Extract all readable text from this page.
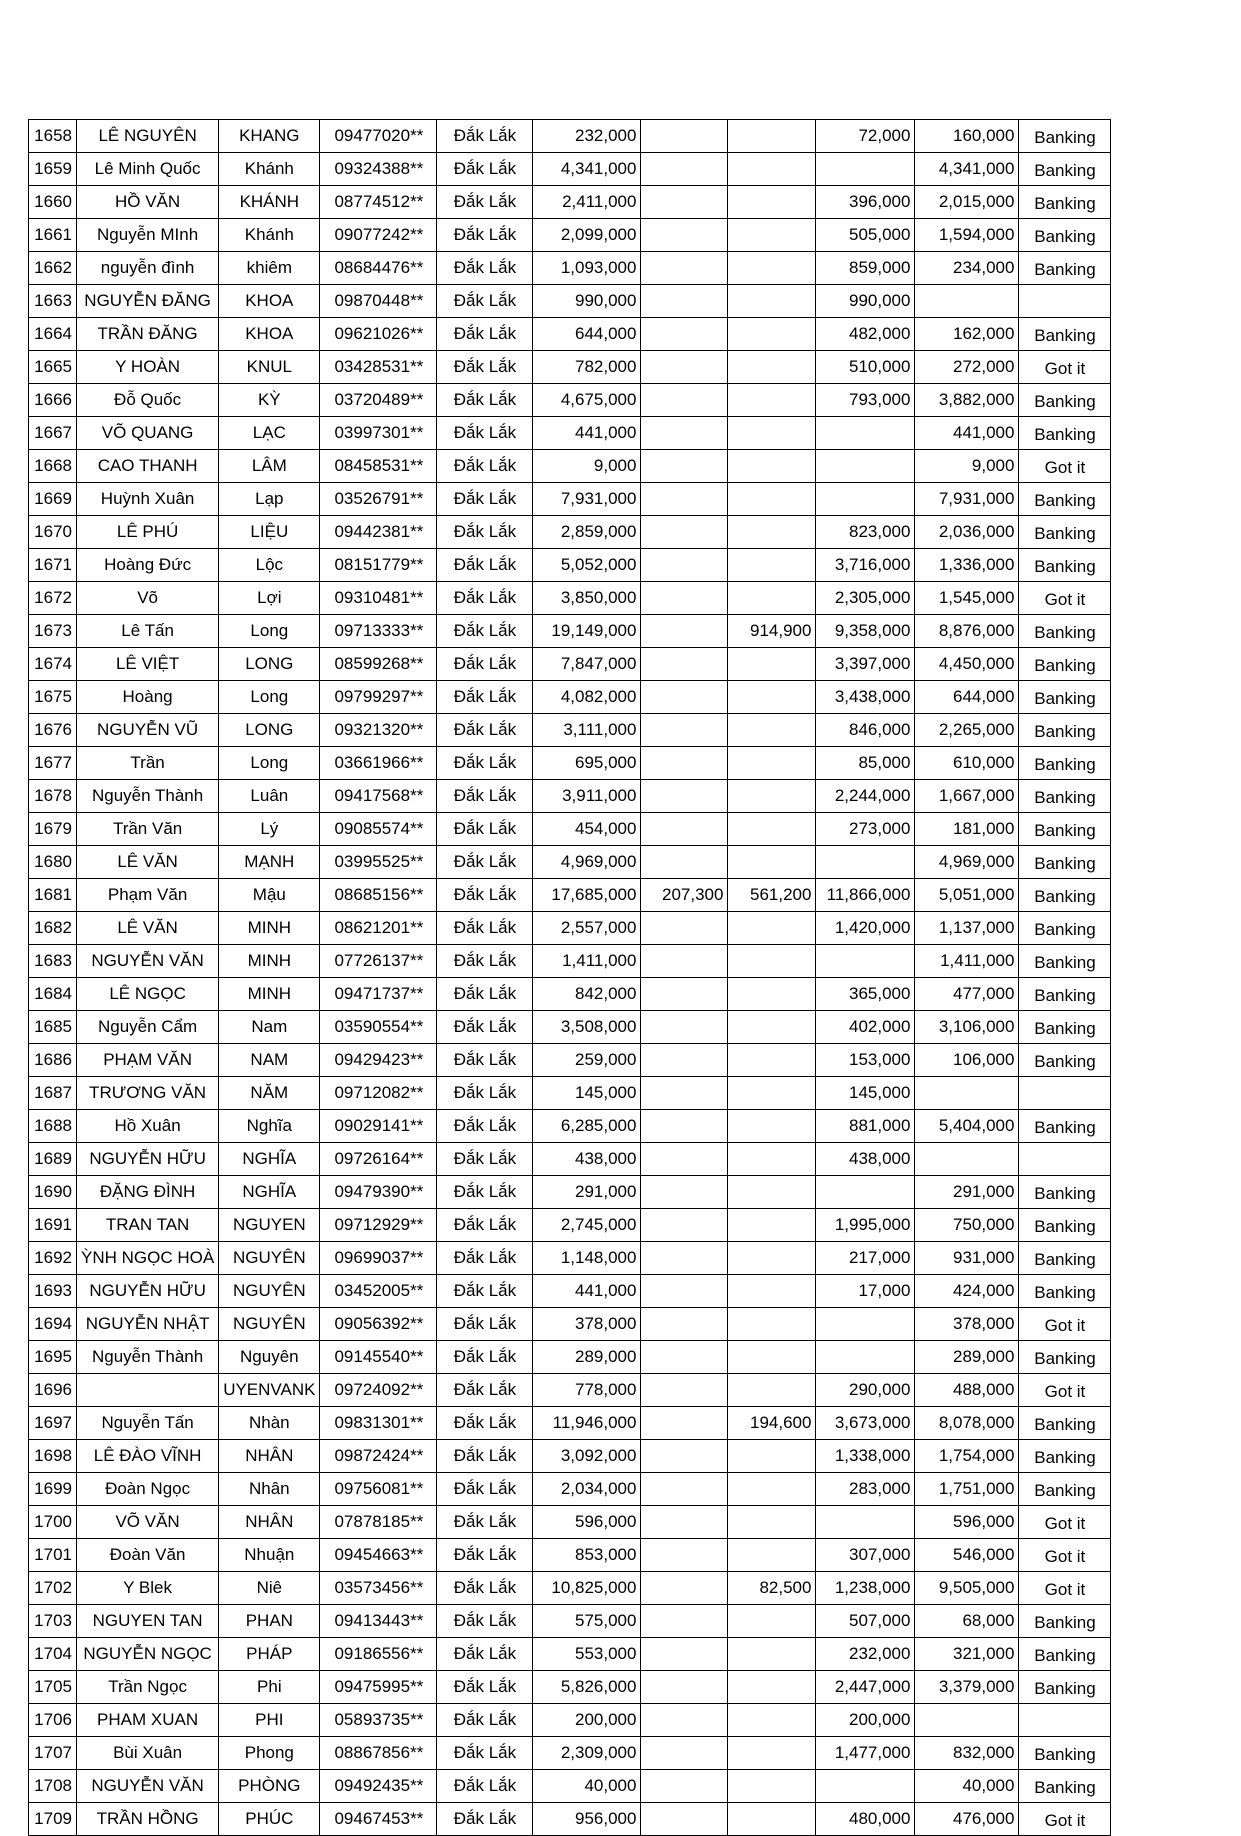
1658	LÊ NGUYÊN	KHANG	09477020**	Đắk Lắk	232,000			72,000	160,000	Banking
1659	Lê Minh Quốc	Khánh	09324388**	Đắk Lắk	4,341,000				4,341,000	Banking
1660	HỒ VĂN	KHÁNH	08774512**	Đắk Lắk	2,411,000			396,000	2,015,000	Banking
1661	Nguyễn MInh	Khánh	09077242**	Đắk Lắk	2,099,000			505,000	1,594,000	Banking
1662	nguyễn đình	khiêm	08684476**	Đắk Lắk	1,093,000			859,000	234,000	Banking
1663	NGUYỄN ĐĂNG	KHOA	09870448**	Đắk Lắk	990,000			990,000		
1664	TRẦN ĐĂNG	KHOA	09621026**	Đắk Lắk	644,000			482,000	162,000	Banking
1665	Y HOÀN	KNUL	03428531**	Đắk Lắk	782,000			510,000	272,000	Got it
1666	Đỗ Quốc	KỲ	03720489**	Đắk Lắk	4,675,000			793,000	3,882,000	Banking
1667	VÕ QUANG	LẠC	03997301**	Đắk Lắk	441,000				441,000	Banking
1668	CAO THANH	LÂM	08458531**	Đắk Lắk	9,000				9,000	Got it
1669	Huỳnh Xuân	Lạp	03526791**	Đắk Lắk	7,931,000				7,931,000	Banking
1670	LÊ PHÚ	LIỆU	09442381**	Đắk Lắk	2,859,000			823,000	2,036,000	Banking
1671	Hoàng Đức	Lộc	08151779**	Đắk Lắk	5,052,000			3,716,000	1,336,000	Banking
1672	Võ	Lợi	09310481**	Đắk Lắk	3,850,000			2,305,000	1,545,000	Got it
1673	Lê Tấn	Long	09713333**	Đắk Lắk	19,149,000		914,900	9,358,000	8,876,000	Banking
1674	LÊ VIỆT	LONG	08599268**	Đắk Lắk	7,847,000			3,397,000	4,450,000	Banking
1675	Hoàng	Long	09799297**	Đắk Lắk	4,082,000			3,438,000	644,000	Banking
1676	NGUYỄN VŨ	LONG	09321320**	Đắk Lắk	3,111,000			846,000	2,265,000	Banking
1677	Trần	Long	03661966**	Đắk Lắk	695,000			85,000	610,000	Banking
1678	Nguyễn Thành	Luân	09417568**	Đắk Lắk	3,911,000			2,244,000	1,667,000	Banking
1679	Trần Văn	Lý	09085574**	Đắk Lắk	454,000			273,000	181,000	Banking
1680	LÊ VĂN	MẠNH	03995525**	Đắk Lắk	4,969,000				4,969,000	Banking
1681	Phạm Văn	Mậu	08685156**	Đắk Lắk	17,685,000	207,300	561,200	11,866,000	5,051,000	Banking
1682	LÊ VĂN	MINH	08621201**	Đắk Lắk	2,557,000			1,420,000	1,137,000	Banking
1683	NGUYỄN VĂN	MINH	07726137**	Đắk Lắk	1,411,000				1,411,000	Banking
1684	LÊ NGỌC	MINH	09471737**	Đắk Lắk	842,000			365,000	477,000	Banking
1685	Nguyễn Cẩm	Nam	03590554**	Đắk Lắk	3,508,000			402,000	3,106,000	Banking
1686	PHẠM VĂN	NAM	09429423**	Đắk Lắk	259,000			153,000	106,000	Banking
1687	TRƯƠNG VĂN	NĂM	09712082**	Đắk Lắk	145,000			145,000		
1688	Hồ Xuân	Nghĩa	09029141**	Đắk Lắk	6,285,000			881,000	5,404,000	Banking
1689	NGUYỄN HỮU	NGHĨA	09726164**	Đắk Lắk	438,000			438,000		
1690	ĐẶNG ĐÌNH	NGHĨA	09479390**	Đắk Lắk	291,000				291,000	Banking
1691	TRAN TAN	NGUYEN	09712929**	Đắk Lắk	2,745,000			1,995,000	750,000	Banking
1692	ỲNH NGỌC HOÀ	NGUYÊN	09699037**	Đắk Lắk	1,148,000			217,000	931,000	Banking
1693	NGUYỄN HỮU	NGUYÊN	03452005**	Đắk Lắk	441,000			17,000	424,000	Banking
1694	NGUYỄN NHẬT	NGUYÊN	09056392**	Đắk Lắk	378,000				378,000	Got it
1695	Nguyễn Thành	Nguyên	09145540**	Đắk Lắk	289,000				289,000	Banking
1696		UYENVANK	09724092**	Đắk Lắk	778,000			290,000	488,000	Got it
1697	Nguyễn Tấn	Nhàn	09831301**	Đắk Lắk	11,946,000		194,600	3,673,000	8,078,000	Banking
1698	LÊ ĐÀO VĨNH	NHÂN	09872424**	Đắk Lắk	3,092,000			1,338,000	1,754,000	Banking
1699	Đoàn Ngọc	Nhân	09756081**	Đắk Lắk	2,034,000			283,000	1,751,000	Banking
1700	VÕ VĂN	NHÂN	07878185**	Đắk Lắk	596,000				596,000	Got it
1701	Đoàn Văn	Nhuận	09454663**	Đắk Lắk	853,000			307,000	546,000	Got it
1702	Y Blek	Niê	03573456**	Đắk Lắk	10,825,000		82,500	1,238,000	9,505,000	Got it
1703	NGUYEN TAN	PHAN	09413443**	Đắk Lắk	575,000			507,000	68,000	Banking
1704	NGUYỄN NGỌC	PHÁP	09186556**	Đắk Lắk	553,000			232,000	321,000	Banking
1705	Trần Ngọc	Phi	09475995**	Đắk Lắk	5,826,000			2,447,000	3,379,000	Banking
1706	PHAM XUAN	PHI	05893735**	Đắk Lắk	200,000			200,000		
1707	Bùi Xuân	Phong	08867856**	Đắk Lắk	2,309,000			1,477,000	832,000	Banking
1708	NGUYỄN VĂN	PHÒNG	09492435**	Đắk Lắk	40,000				40,000	Banking
1709	TRẦN HỒNG	PHÚC	09467453**	Đắk Lắk	956,000			480,000	476,000	Got it
